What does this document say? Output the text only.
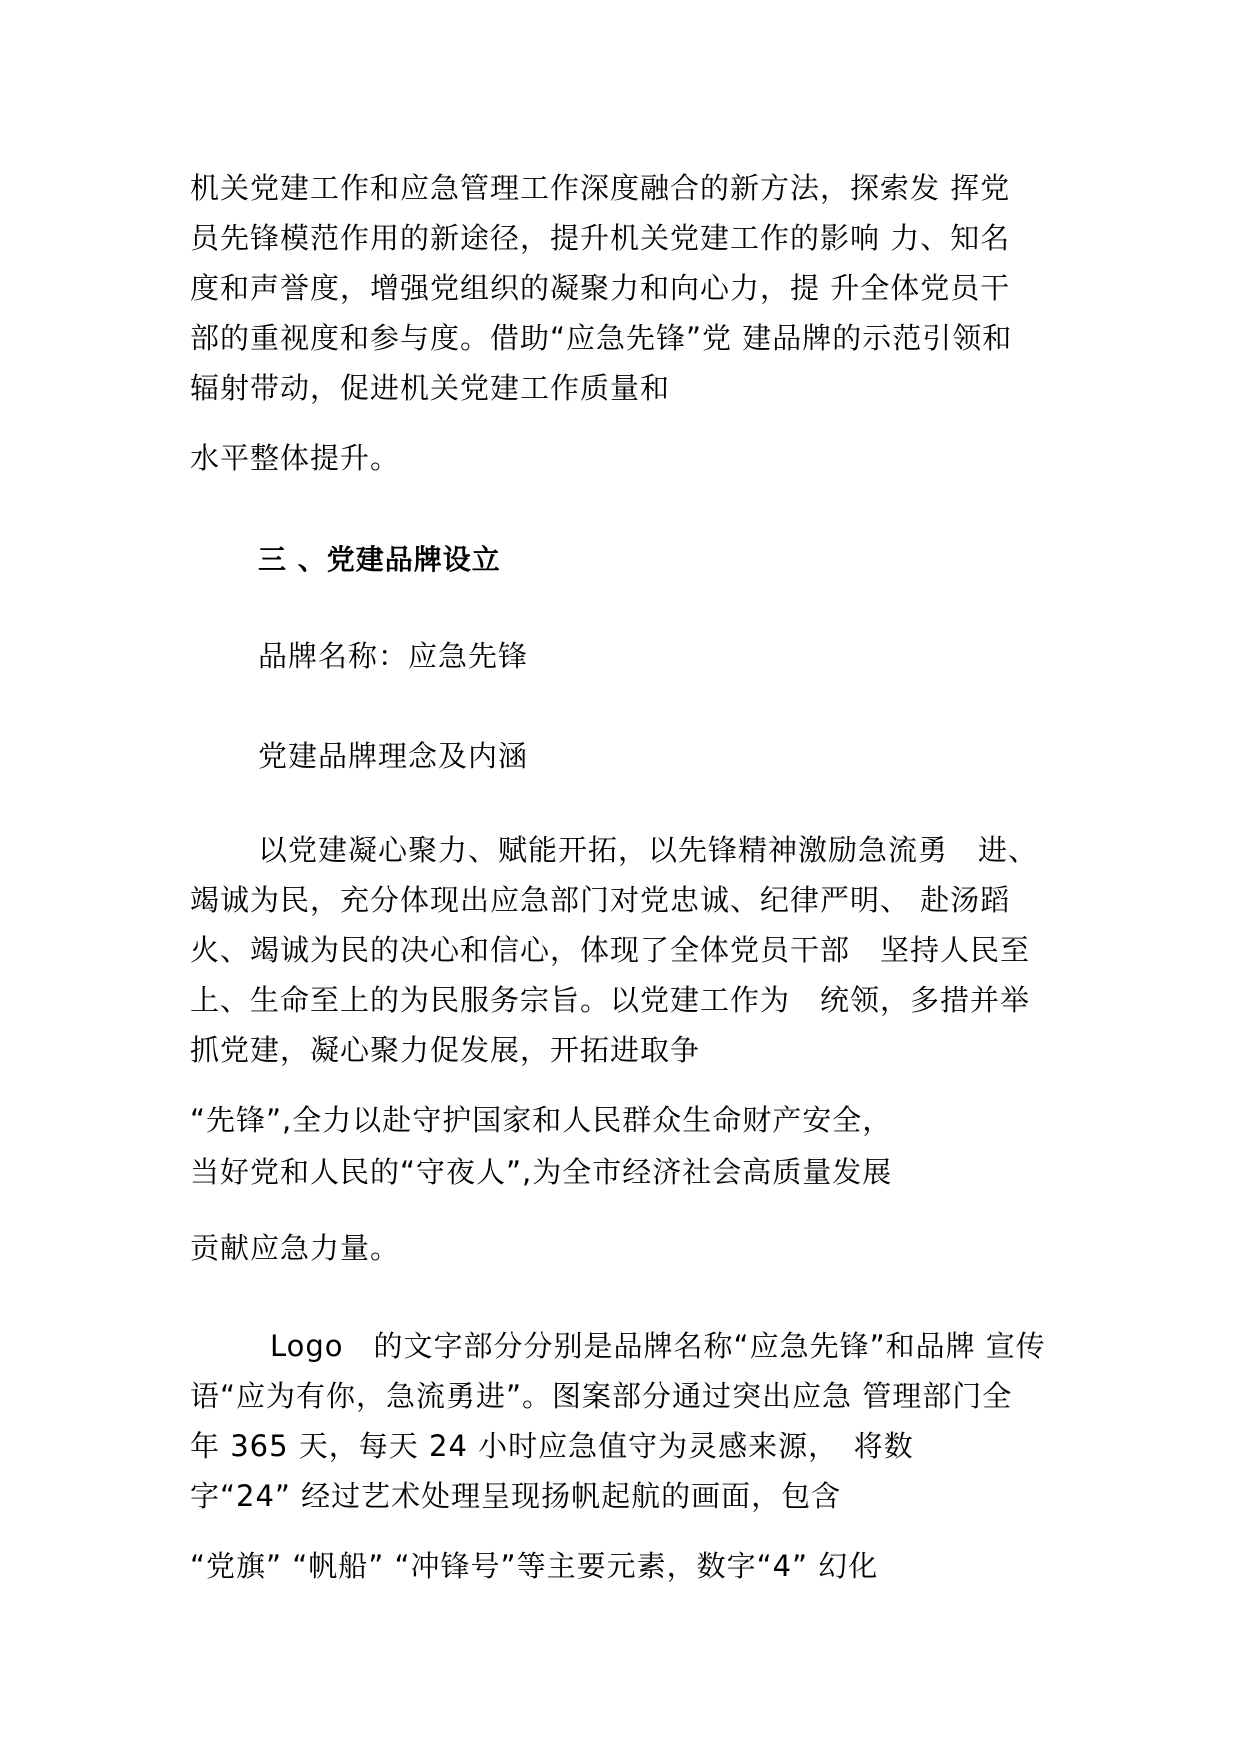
机关党建工作和应急管理工作深度融合的新方法，探索发 挥党
员先锋模范作用的新途径，提升机关党建工作的影响 力、知名
度和声誉度，增强党组织的凝聚力和向心力，提 升全体党员干
部的重视度和参与度。借助“应急先锋”党 建品牌的示范引领和
辐射带动，促进机关党建工作质量和
水平整体提升。
三 、党建品牌设立
品牌名称：应急先锋
党建品牌理念及内涵
以党建凝心聚力、赋能开拓，以先锋精神激励急流勇　进、
竭诚为民，充分体现出应急部门对党忠诚、纪律严明、 赴汤蹈
火、竭诚为民的决心和信心，体现了全体党员干部　坚持人民至
上、生命至上的为民服务宗旨。以党建工作为　统领，多措并举
抓党建，凝心聚力促发展，开拓进取争
“先锋”,全力以赴守护国家和人民群众生命财产安全，
当好党和人民的“守夜人”,为全市经济社会高质量发展
贡献应急力量。
Logo　的文字部分分别是品牌名称“应急先锋”和品牌 宣传
语“应为有你，急流勇进”。图案部分通过突出应急 管理部门全
年 365 天，每天 24 小时应急值守为灵感来源，　将数
字“24” 经过艺术处理呈现扬帆起航的画面，包含
“党旗” “帆船” “冲锋号”等主要元素，数字“4” 幻化
